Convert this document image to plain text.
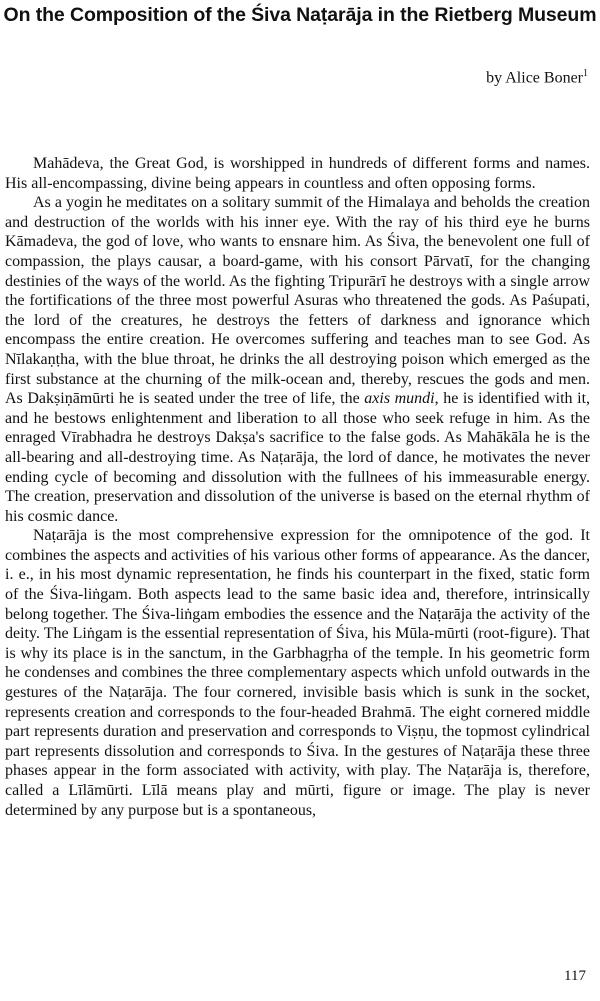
On the Composition of the Śiva Naṭarāja in the Rietberg Museum

by Alice Boner$^1$

Mahādeva, the Great God, is worshipped in hundreds of different forms and names. His all-encompassing, divine being appears in countless and often opposing forms.

As a yogin he meditates on a solitary summit of the Himalaya and beholds the creation and destruction of the worlds with his inner eye. With the ray of his third eye he burns Kāmadeva, the god of love, who wants to ensnare him. As Śiva, the benevolent one full of compassion, the plays causar, a board-game, with his consort Pārvatī, for the changing destinies of the ways of the world. As the fighting Tripurārī he destroys with a single arrow the fortifications of the three most powerful Asuras who threatened the gods. As Paśupati, the lord of the creatures, he destroys the fetters of darkness and ignorance which encompass the entire creation. He overcomes suffering and teaches man to see God. As Nīlakaṇṭha, with the blue throat, he drinks the all destroying poison which emerged as the first substance at the churning of the milk-ocean and, thereby, rescues the gods and men. As Dakṣiṇāmūrti he is seated under the tree of life, the axis mundi, he is identified with it, and he bestows enlightenment and liberation to all those who seek refuge in him. As the enraged Vīrabhadra he destroys Dakṣa's sacrifice to the false gods. As Mahākāla he is the all-bearing and all-destroying time. As Naṭarāja, the lord of dance, he motivates the never ending cycle of becoming and dissolution with the fullnees of his immeasurable energy. The creation, preservation and dissolution of the universe is based on the eternal rhythm of his cosmic dance.

Naṭarāja is the most comprehensive expression for the omnipotence of the god. It combines the aspects and activities of his various other forms of appearance. As the dancer, i. e., in his most dynamic representation, he finds his counterpart in the fixed, static form of the Śiva-liṅgam. Both aspects lead to the same basic idea and, therefore, intrinsically belong together. The Śiva-liṅgam embodies the essence and the Naṭarāja the activity of the deity. The Liṅgam is the essential representation of Śiva, his Mūla-mūrti (root-figure). That is why its place is in the sanctum, in the Garbhagṛha of the temple. In his geometric form he condenses and combines the three complementary aspects which unfold outwards in the gestures of the Naṭarāja. The four cornered, invisible basis which is sunk in the socket, represents creation and corresponds to the four-headed Brahmā. The eight cornered middle part represents duration and preservation and corresponds to Viṣṇu, the topmost cylindrical part represents dissolution and corresponds to Śiva. In the gestures of Naṭarāja these three phases appear in the form associated with activity, with play. The Naṭarāja is, therefore, called a Līlāmūrti. Līlā means play and mūrti, figure or image. The play is never determined by any purpose but is a spontaneous,

117
